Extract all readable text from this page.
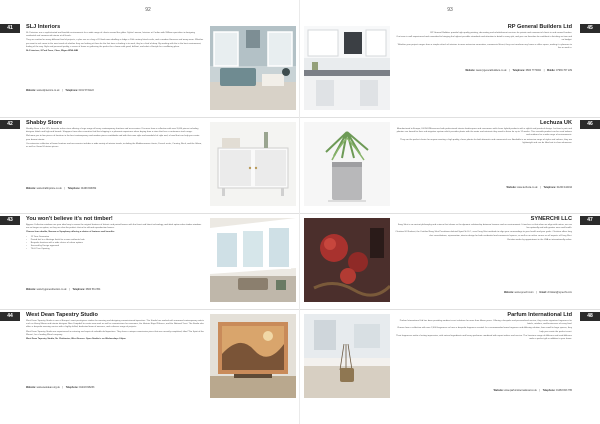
92
41	SLJ Interiors

SLJ Interiors are a sophisticated and feasible environments for a wide range of clients around the globe. Sylvia Lawson, Interiors at Carlton with William specialise in designing residential and commercial interior at all levels.

They are worked on many different kind of projects, a plus one or a bag of 12-bed room dwelling or lodge a 10th century listed castle, and a modern Hansson and many more. Whether you want to ask some to the new trends of whether they are looking at them for the first time or looking in to work, they're a kind of deep. By working with the in the best environment, finding of the way. Style and personal quality, a sense of home or gathering the perfect for a home with good, brilliant, and what a lifestyle for a wellbeing place.

SLJ Interiors, 8 Pool Farm, Clare, Wigan WN8 4HB

Website: www.sljinteriors.co.uk | Telephone: 0161 5731122
42	Shabby Store

Shabby Store is the UK's favourite online store offering a huge range of luxury contemporary furniture and accessories. Discover from a collection with over 9,000 pieces including designer labels and high-end brands. Shoppers from other countries find that shipping is a pleasant experience when buying from a store that has a continuous stock range.

Welcome you to fine pieces of furniture in the best contemporary and modern pieces worldwide and with their own style and wonderful of style and, a hand that can help you create your dream interior.

Our extensive collection of home furniture and accessories includes a wide variety of interior trends, including the Mediterranean classic, French rustic, Country, Rock, and the Urban, as well as Grand Victorian pieces.

Website: www.shabbystore.co.uk | Telephone: 01299 823052
43	You won't believe it's not timber!

Bygone Collection windows are your ideal way to renew the original features of historic and period homes with the finest and latest technology, and ideal option when timber windows are no longer an option, as they are also the perfect choice for old and reproduction homes.

Choose from double, Narrow or Symphony offering a choice of features and benefits:

• 12 Year Guarantee
• Period feel in a Heritage finish for a more authentic look
• Bespoke furniture with a wide choice of colour options
• Secured by Design approved
• Tilt & Turn Opening
Website: www.bygonecollection.co.uk | Telephone: 0800 531 654
44	West Dean Tapestry Studio

West Dean Tapestry Studio is one of Europe's most prestigious studios for weaving and designing commissioned tapestries. The Studio has worked with renowned contemporary artists such as Henry Moore and interior designer Nina Campbell to create new work as well as commissions for museums, the Historic Royal Palaces, and the National Trust. The Studio also offers a bespoke weaving service with a highly skilled, dedicated team of weavers, and a diverse range of projects.

West Dean Tapestry Studio are experienced in restoring and repair of valuable old tapestries. They have a unique commission piece that was recently completed, titled 'The Spirit of the Weave', for a leading Wirral company.

West Dean Tapestry Studio, Nr. Chichester, West Sussex. Open Studio is on Wednesdays 2-4pm

Website: www.westdean.org.uk | Telephone: 01243 818233
93
45
RP General Builders Ltd

RP General Builders provide high quality painting, decorating and refurbishment services for private and commercial clients in and around London.

Our team is well experienced and committed to bringing the highest possible standards and attention to detail to every job, and you can therefore be confident in finishing on time and on budget.

Whether your project ranges from a simple refresh of interiors to more extensive renovation, commercial fit-out, they can transform any home or office space, making it a pleasure to live or work in.

Website: www.rpgeneralbuilders.co.uk | Telephone: 0800 7770002 | Mobile: 07939 767 229
46
Lechuza UK

Manufactured in Europe, LECHUZA ensures both professional interior landscapers and consumers with clever hybrid products with a stylish and practical design. Lechuza's pots and planters are famed for their sub-irrigation system which provides plants with the water and nutrients they need to thrive for up to 12 weeks. This versatile product can be used indoors and outdoors for a wide range of environments.

They are the perfect choice for anyone wanting a high quality, clever planter for both domestic and commercial use. Available in an extensive range of styles and colours, they are lightweight and can be lifted out to clean whenever.

Website: www.lechuza.co.uk | Telephone: 01200 444194
47
SYNERCHI LLC

Feng Shui is an ancient philosophy and science that shows us the dynamic relationship between humans and our environment. It teaches us that when we align with nature, we can live optimally and with greater ease and health.

Christian M. Rosbert, the Certified Feng Shui Practitioner behind SyneChi LLC, uses Feng Shui methods to align your surroundings to your health and your goals. Christian offers feng shui consultations, rejuvenation, interior design for both residential and commercial spaces, as well as an online course on all aspects of Feng Shui.

Christian works by appointment in the USA or internationally online.

Website: www.synechi.com | Email: christian@synechi.com
48
Parfum International Ltd

Parfum International Ltd has been providing ambient scent solutions for more than fifteen years. Offering a bespoke and personalised service, they create signature fragrances for hotels, retailers, and businesses of every kind.

Choose from a collection with over 2,000 fragrances or have a bespoke fragrance created. In a recommended room fragrance and diffusing solution, from small to large spaces, they help you create the perfect scent.

Their fragrances make a lasting impression, with natural ingredients and luxury perfumes combined with expert advice and service. The luxurious range of diffusers and reed diffusers make a perfect gift or addition to your home.

Website: www.parfuminternational.co.uk | Telephone: 01483 823 765
